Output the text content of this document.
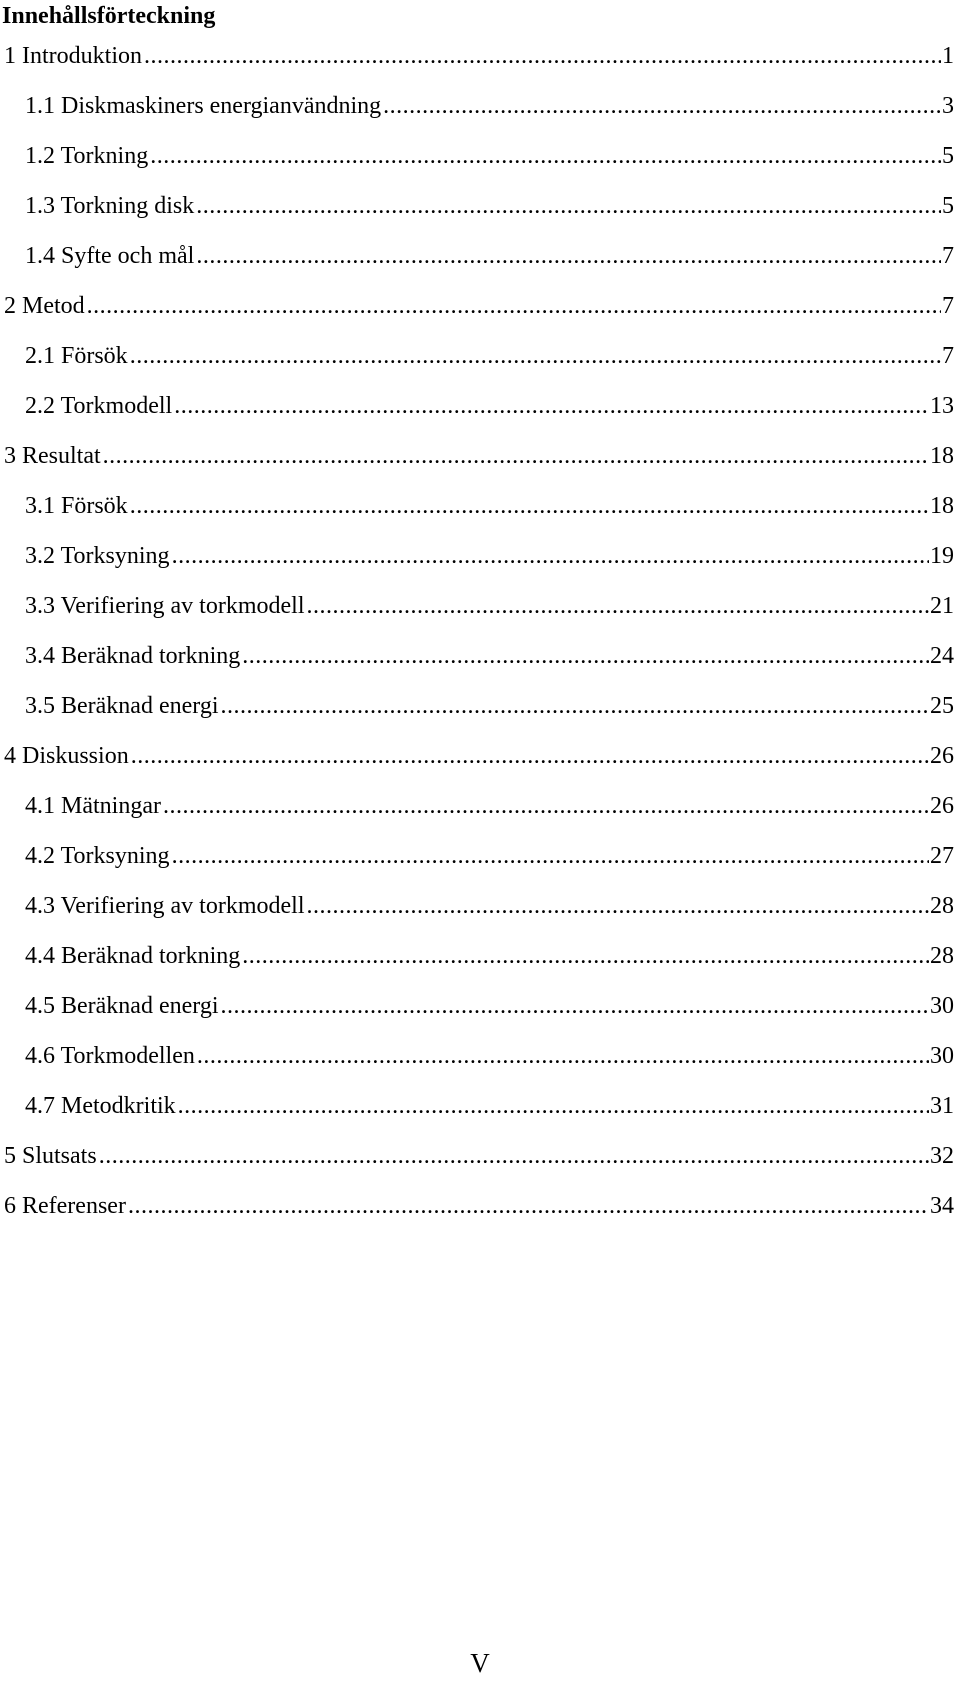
Innehållsförteckning
1 Introduktion .....	1
1.1 Diskmaskiners energianvändning .....	3
1.2 Torkning .....	5
1.3 Torkning disk .....	5
1.4 Syfte och mål .....	7
2 Metod .....	7
2.1 Försök .....	7
2.2 Torkmodell .....	13
3 Resultat .....	18
3.1 Försök .....	18
3.2 Torksyning .....	19
3.3 Verifiering av torkmodell .....	21
3.4 Beräknad torkning .....	24
3.5 Beräknad energi .....	25
4 Diskussion .....	26
4.1 Mätningar .....	26
4.2 Torksyning .....	27
4.3 Verifiering av torkmodell .....	28
4.4 Beräknad torkning .....	28
4.5 Beräknad energi .....	30
4.6 Torkmodellen .....	30
4.7 Metodkritik .....	31
5 Slutsats .....	32
6 Referenser .....	34
V
